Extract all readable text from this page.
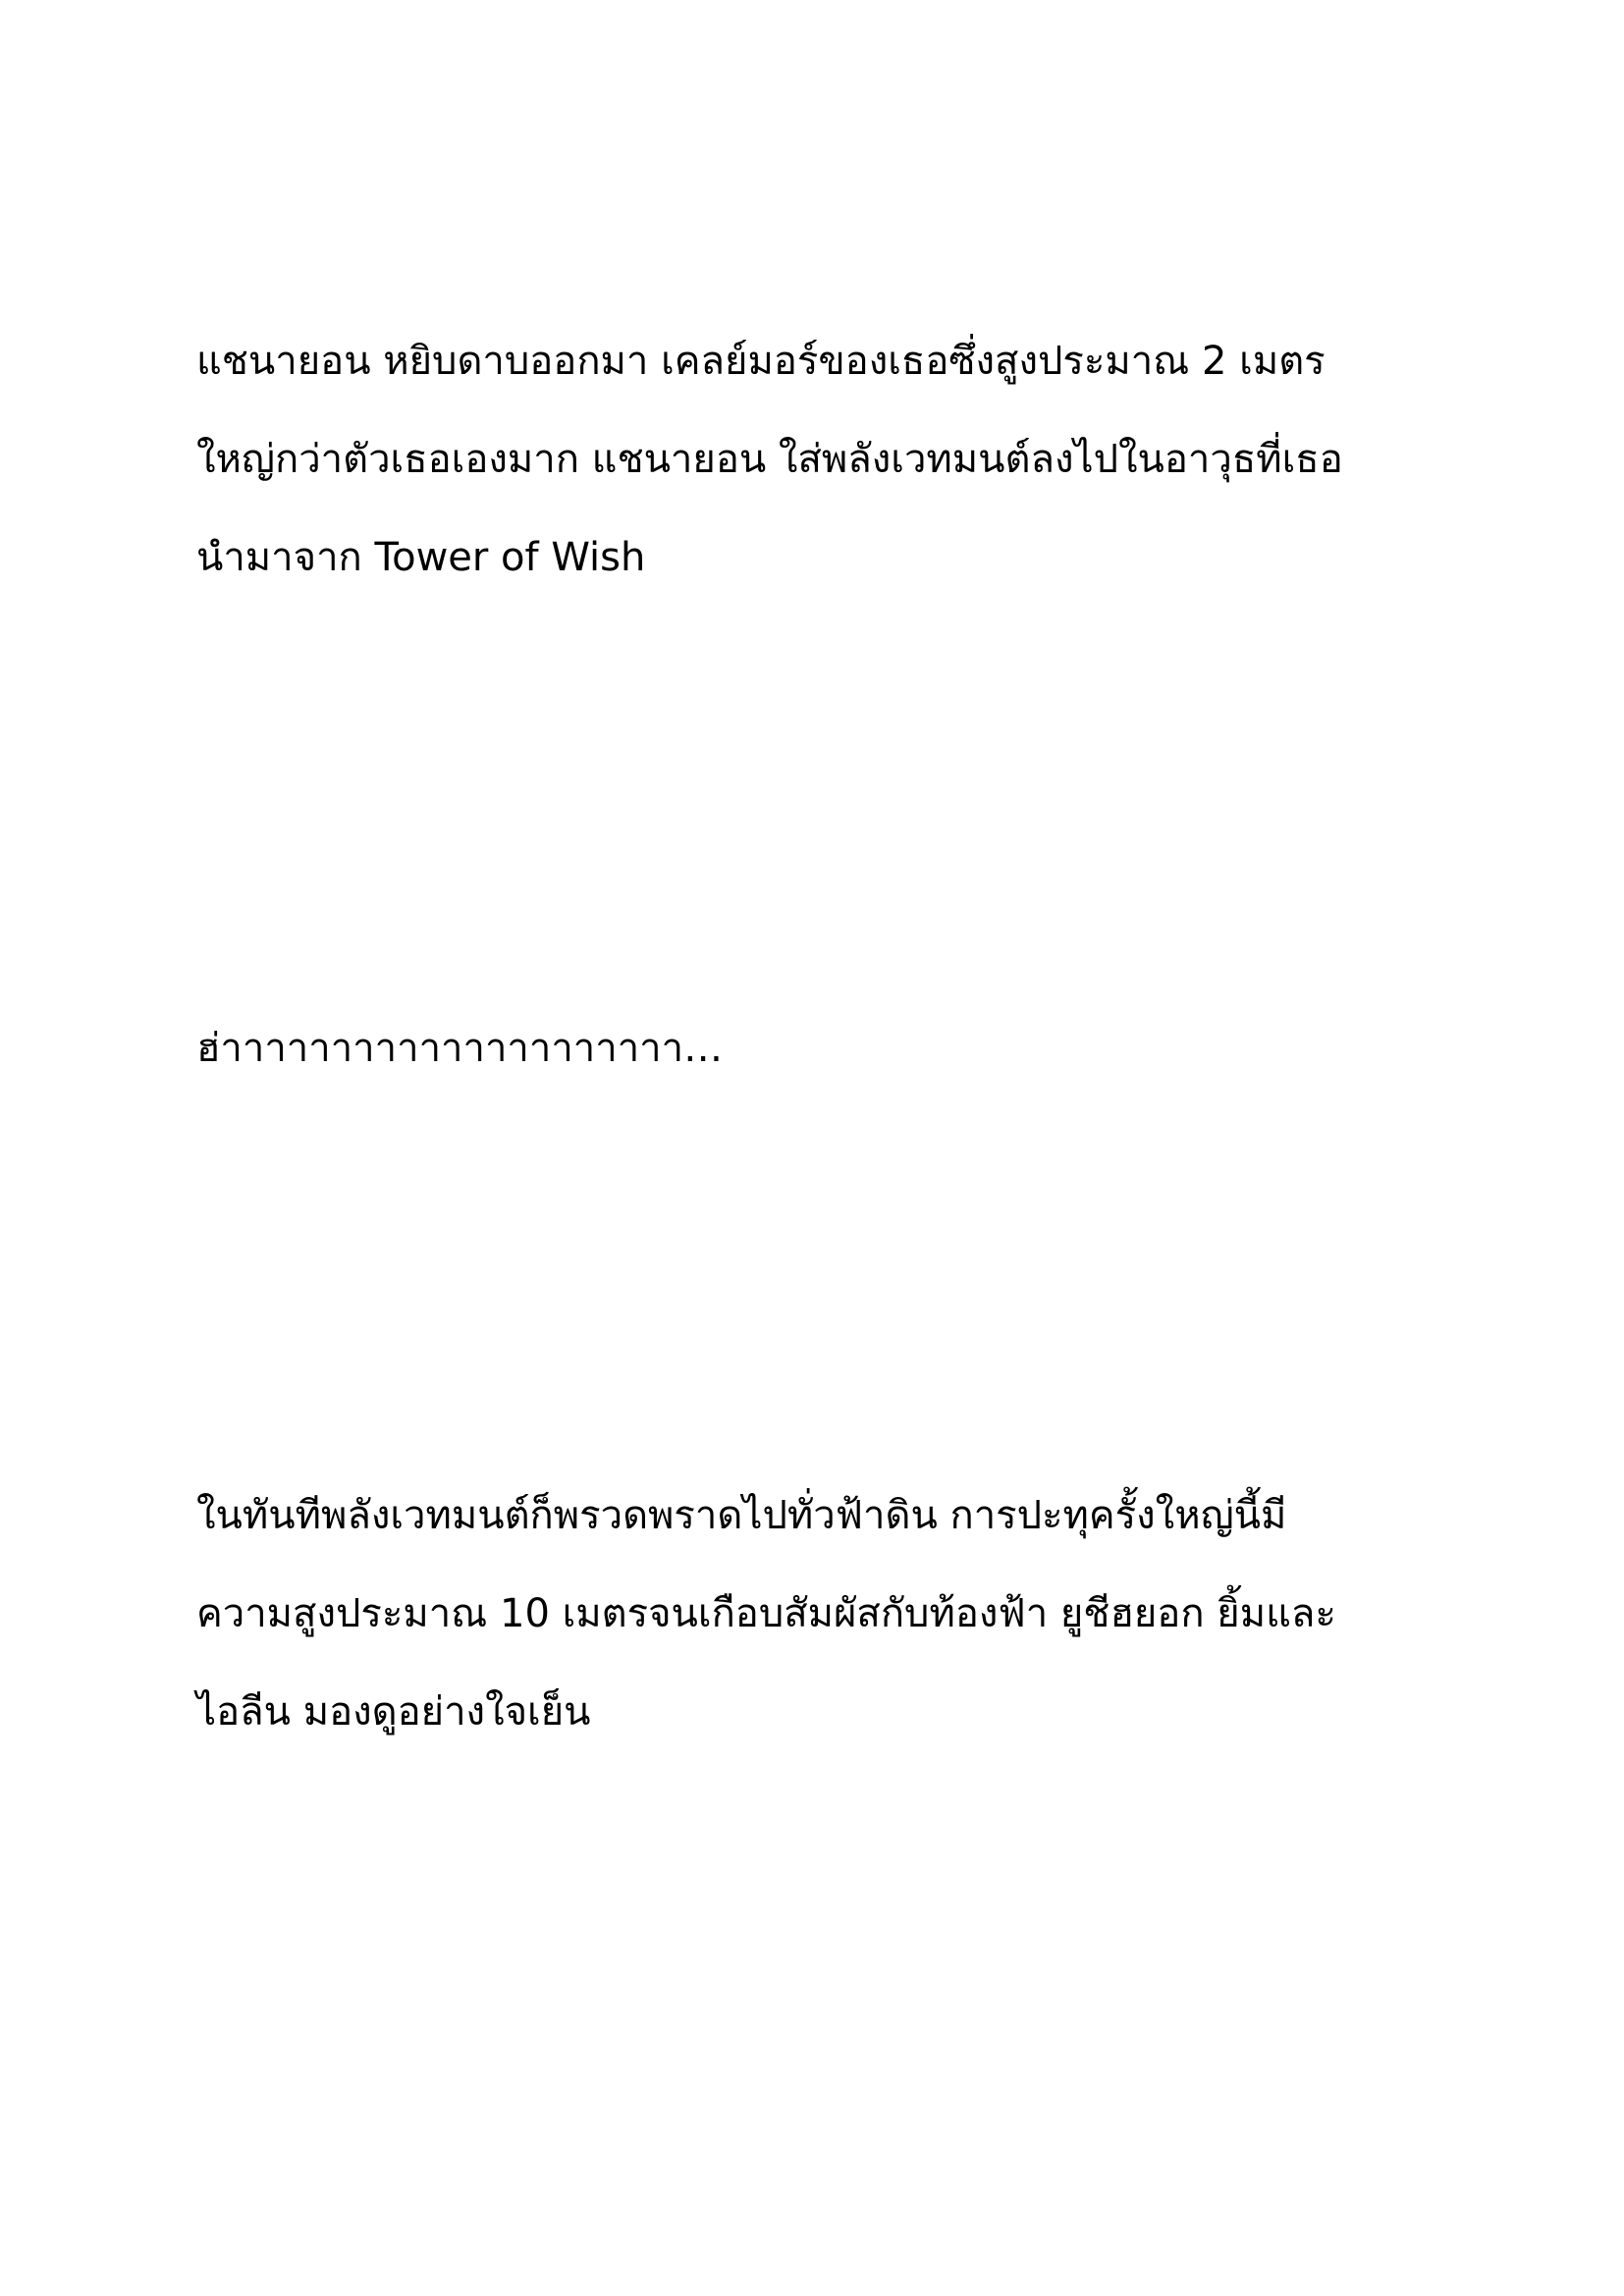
แชนายอน หยิบดาบออกมา เคลย์มอร์ของเธอซึ่งสูงประมาณ 2 เมตร
ใหญ่กว่าตัวเธอเองมาก แชนายอน ใส่พลังเวทมนต์ลงไปในอาวุธที่เธอ
นำมาจาก Tower of Wish

ฮ่าาาาาาาาาาาาาาาาาาาาา…

ในทันทีพลังเวทมนต์ก็พรวดพราดไปทั่วฟ้าดิน การปะทุครั้งใหญ่นี้มี
ความสูงประมาณ 10 เมตรจนเกือบสัมผัสกับท้องฟ้า ยูชีฮยอก ยิ้มและ
ไอลีน มองดูอย่างใจเย็น
